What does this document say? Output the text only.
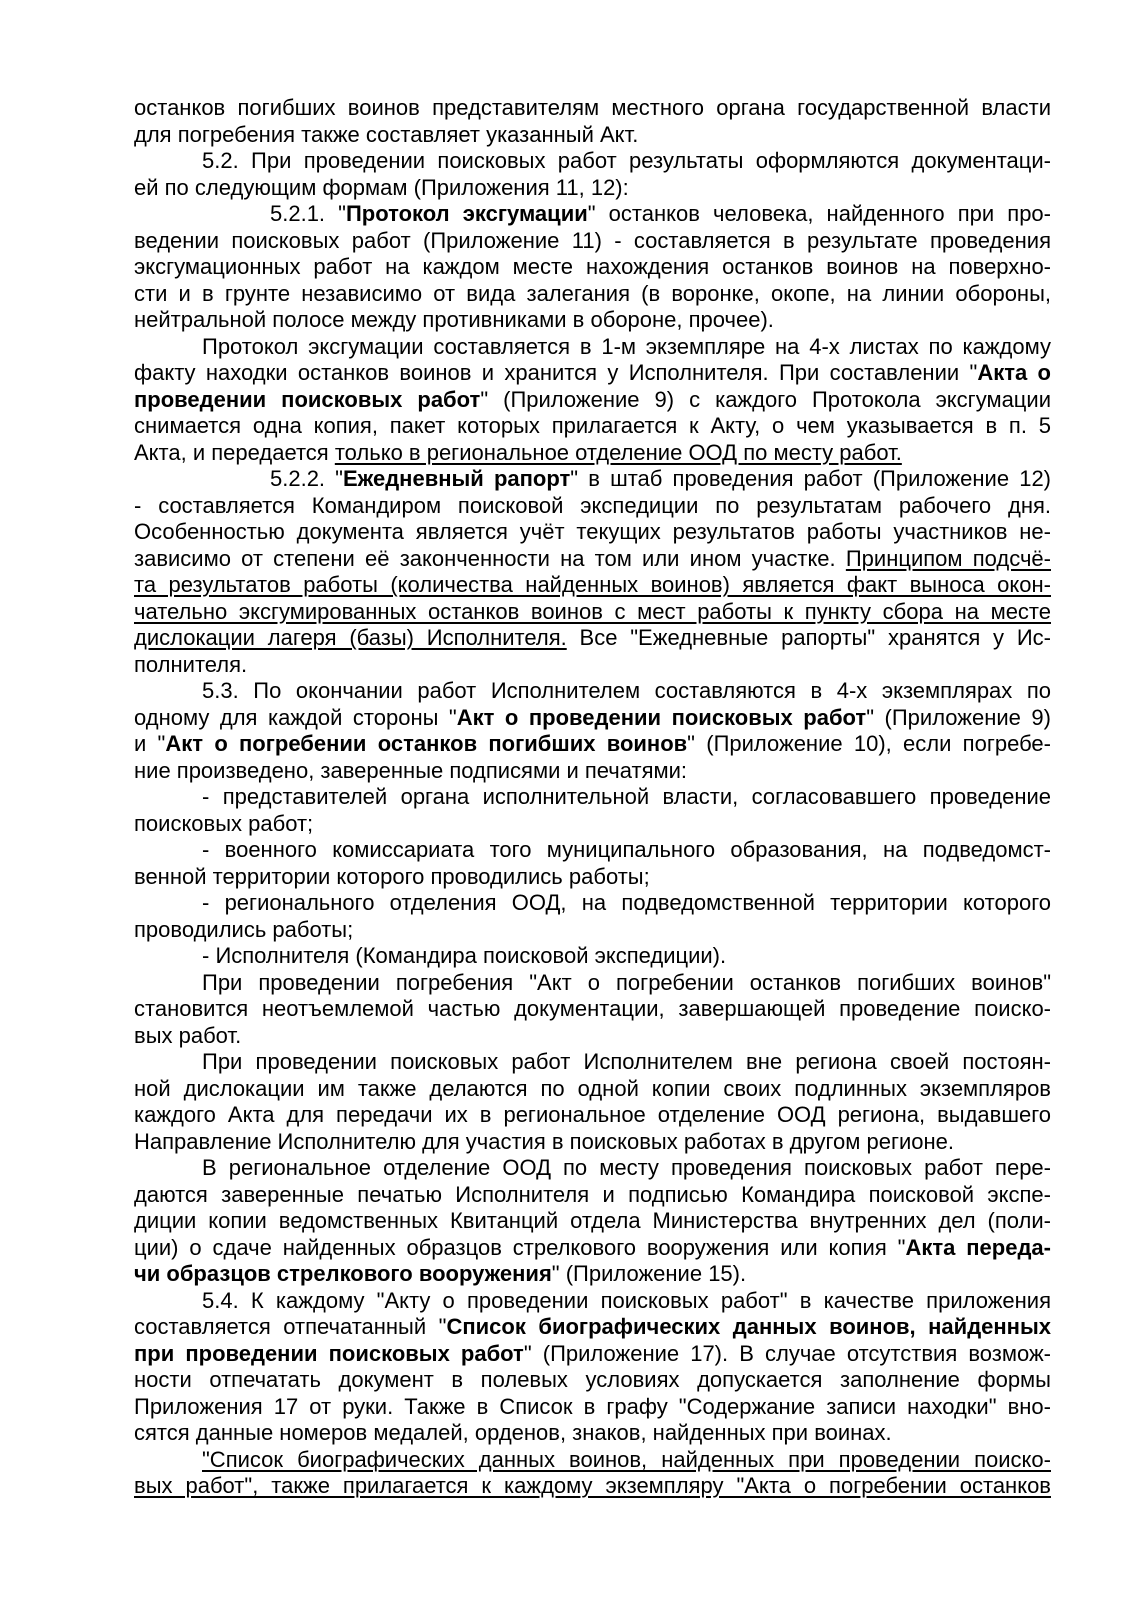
останков погибших воинов представителям местного органа государственной власти
для погребения также составляет указанный Акт.
5.2. При проведении поисковых работ результаты оформляются документаци-
ей по следующим формам (Приложения 11, 12):
5.2.1. "Протокол эксгумации" останков человека, найденного при про-
ведении поисковых работ (Приложение 11) - составляется в результате проведения
эксгумационных работ на каждом месте нахождения останков воинов на поверхно-
сти и в грунте независимо от вида залегания (в воронке, окопе, на линии обороны,
нейтральной полосе между противниками в обороне, прочее).
Протокол эксгумации составляется в 1-м экземпляре на 4-х листах по каждому
факту находки останков воинов и хранится у Исполнителя. При составлении "Акта о
проведении поисковых работ" (Приложение 9) с каждого Протокола эксгумации
снимается одна копия, пакет которых прилагается к Акту, о чем указывается в п. 5
Акта, и передается только в региональное отделение ООД по месту работ.
5.2.2. "Ежедневный рапорт" в штаб проведения работ (Приложение 12)
- составляется Командиром поисковой экспедиции по результатам рабочего дня.
Особенностью документа является учёт текущих результатов работы участников не-
зависимо от степени её законченности на том или ином участке. Принципом подсчё-
та результатов работы (количества найденных воинов) является факт выноса окон-
чательно эксгумированных останков воинов с мест работы к пункту сбора на месте
дислокации лагеря (базы) Исполнителя. Все "Ежедневные рапорты" хранятся у Ис-
полнителя.
5.3. По окончании работ Исполнителем составляются в 4-х экземплярах по
одному для каждой стороны "Акт о проведении поисковых работ" (Приложение 9)
и "Акт о погребении останков погибших воинов" (Приложение 10), если погребе-
ние произведено, заверенные подписями и печатями:
- представителей органа исполнительной власти, согласовавшего проведение
поисковых работ;
- военного комиссариата того муниципального образования, на подведомст-
венной территории которого проводились работы;
- регионального отделения ООД, на подведомственной территории которого
проводились работы;
- Исполнителя (Командира поисковой экспедиции).
При проведении погребения "Акт о погребении останков погибших воинов"
становится неотъемлемой частью документации, завершающей проведение поиско-
вых работ.
При проведении поисковых работ Исполнителем вне региона своей постоян-
ной дислокации им также делаются по одной копии своих подлинных экземпляров
каждого Акта для передачи их в региональное отделение ООД региона, выдавшего
Направление Исполнителю для участия в поисковых работах в другом регионе.
В региональное отделение ООД по месту проведения поисковых работ пере-
даются заверенные печатью Исполнителя и подписью Командира поисковой экспе-
диции копии ведомственных Квитанций отдела Министерства внутренних дел (поли-
ции) о сдаче найденных образцов стрелкового вооружения или копия "Акта переда-
чи образцов стрелкового вооружения" (Приложение 15).
5.4. К каждому "Акту о проведении поисковых работ" в качестве приложения
составляется отпечатанный "Список биографических данных воинов, найденных
при проведении поисковых работ" (Приложение 17). В случае отсутствия возмож-
ности отпечатать документ в полевых условиях допускается заполнение формы
Приложения 17 от руки. Также в Список в графу "Содержание записи находки" вно-
сятся данные номеров медалей, орденов, знаков, найденных при воинах.
"Список биографических данных воинов, найденных при проведении поиско-
вых работ", также прилагается к каждому экземпляру "Акта о погребении останков
